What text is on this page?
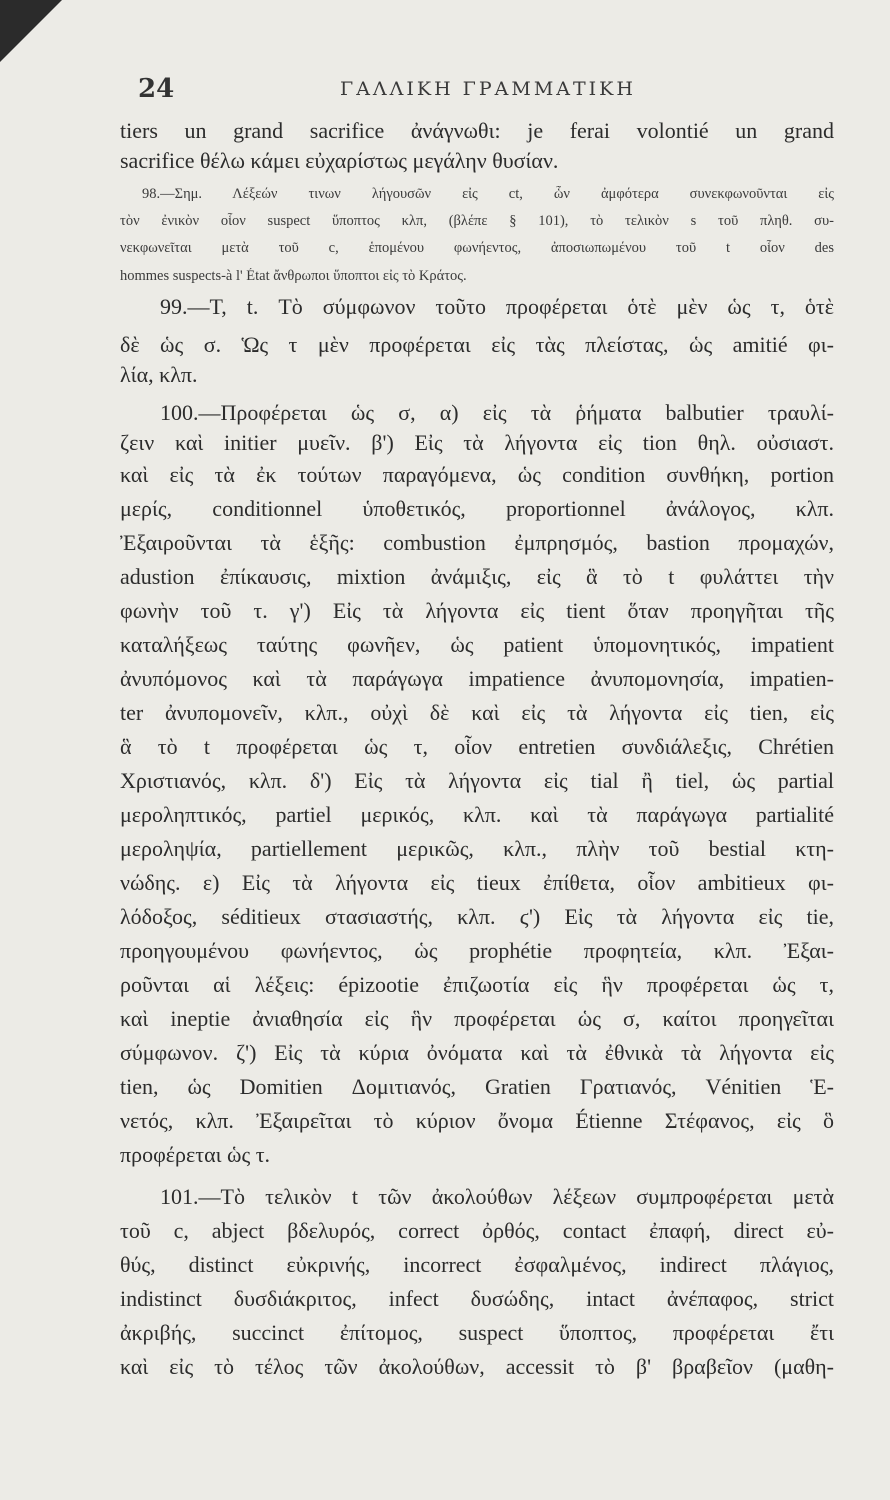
24	ΓΑΛΛΙΚΗ ΓΡΑΜΜΑΤΙΚΗ

tiers un grand sacrifice ἀνάγνωθι: je ferai volontié un grand

sacrifice θέλω κάμει εὐχαρίστως μεγάλην θυσίαν.

98.—Σημ. Λέξεών τινων λήγουσῶν εἰς ct, ὧν ἀμφότερα συνεκφωνοῦνται εἰς

τὸν ἐνικὸν οἷον suspect ὕποπτος κλπ, (βλέπε § 101), τὸ τελικὸν s τοῦ πληθ. συ-

νεκφωνεῖται μετὰ τοῦ c, ἑπομένου φωνήεντος, ἀποσιωπωμένου τοῦ t οἷον des

hommes suspects-à l' État ἄνθρωποι ὕποπτοι εἰς τὸ Κράτος.

99.—T, t. Τὸ σύμφωνον τοῦτο προφέρεται ὁτὲ μὲν ὡς τ, ὁτὲ

δὲ ὡς σ. Ὡς τ μὲν προφέρεται εἰς τὰς πλείστας, ὡς amitié φι-

λία, κλπ.

100.—Προφέρεται ὡς σ, α) εἰς τὰ ῥήματα balbutier τραυλί-

ζειν καὶ initier μυεῖν. β') Εἰς τὰ λήγοντα εἰς tion θηλ. οὐσιαστ.

καὶ εἰς τὰ ἐκ τούτων παραγόμενα, ὡς condition συνθήκη, portion

μερίς, conditionnel ὑποθετικός, proportionnel ἀνάλογος, κλπ.

Ἐξαιροῦνται τὰ ἑξῆς: combustion ἐμπρησμός, bastion προμαχών,

adustion ἐπίκαυσις, mixtion ἀνάμιξις, εἰς ἃ τὸ t φυλάττει τὴν

φωνὴν τοῦ τ. γ') Εἰς τὰ λήγοντα εἰς tient ὅταν προηγῆται τῆς

καταλήξεως ταύτης φωνῆεν, ὡς patient ὑπομονητικός, impatient

ἀνυπόμονος καὶ τὰ παράγωγα impatience ἀνυπομονησία, impatien-

ter ἀνυπομονεῖν, κλπ., οὐχὶ δὲ καὶ εἰς τὰ λήγοντα εἰς tien, εἰς

ἃ τὸ t προφέρεται ὡς τ, οἷον entretien συνδιάλεξις, Chrétien

Χριστιανός, κλπ. δ') Εἰς τὰ λήγοντα εἰς tial ἢ tiel, ὡς partial

μεροληπτικός, partiel μερικός, κλπ. καὶ τὰ παράγωγα partialité

μεροληψία, partiellement μερικῶς, κλπ., πλὴν τοῦ bestial κτη-

νώδης. ε) Εἰς τὰ λήγοντα εἰς tieux ἐπίθετα, οἷον ambitieux φι-

λόδοξος, séditieux στασιαστής, κλπ. ϛ') Εἰς τὰ λήγοντα εἰς tie,

προηγουμένου φωνήεντος, ὡς prophétie προφητεία, κλπ. Ἐξαι-

ροῦνται αἱ λέξεις: épizootie ἐπιζωοτία εἰς ἣν προφέρεται ὡς τ,

καὶ ineptie ἀνιαθησία εἰς ἣν προφέρεται ὡς σ, καίτοι προηγεῖται

σύμφωνον. ζ') Εἰς τὰ κύρια ὀνόματα καὶ τὰ ἐθνικὰ τὰ λήγοντα εἰς

tien, ὡς Domitien Δομιτιανός, Gratien Γρατιανός, Vénitien Ἑ-

νετός, κλπ. Ἐξαιρεῖται τὸ κύριον ὄνομα Étienne Στέφανος, εἰς ὃ

προφέρεται ὡς τ.

101.—Τὸ τελικὸν t τῶν ἀκολούθων λέξεων συμπροφέρεται μετὰ

τοῦ c, abject βδελυρός, correct ὀρθός, contact ἐπαφή, direct εὐ-

θύς, distinct εὐκρινής, incorrect ἐσφαλμένος, indirect πλάγιος,

indistinct δυσδιάκριτος, infect δυσώδης, intact ἀνέπαφος, strict

ἀκριβής, succinct ἐπίτομος, suspect ὕποπτος, προφέρεται ἔτι

καὶ εἰς τὸ τέλος τῶν ἀκολούθων, accessit τὸ β' βραβεῖον (μαθη-
